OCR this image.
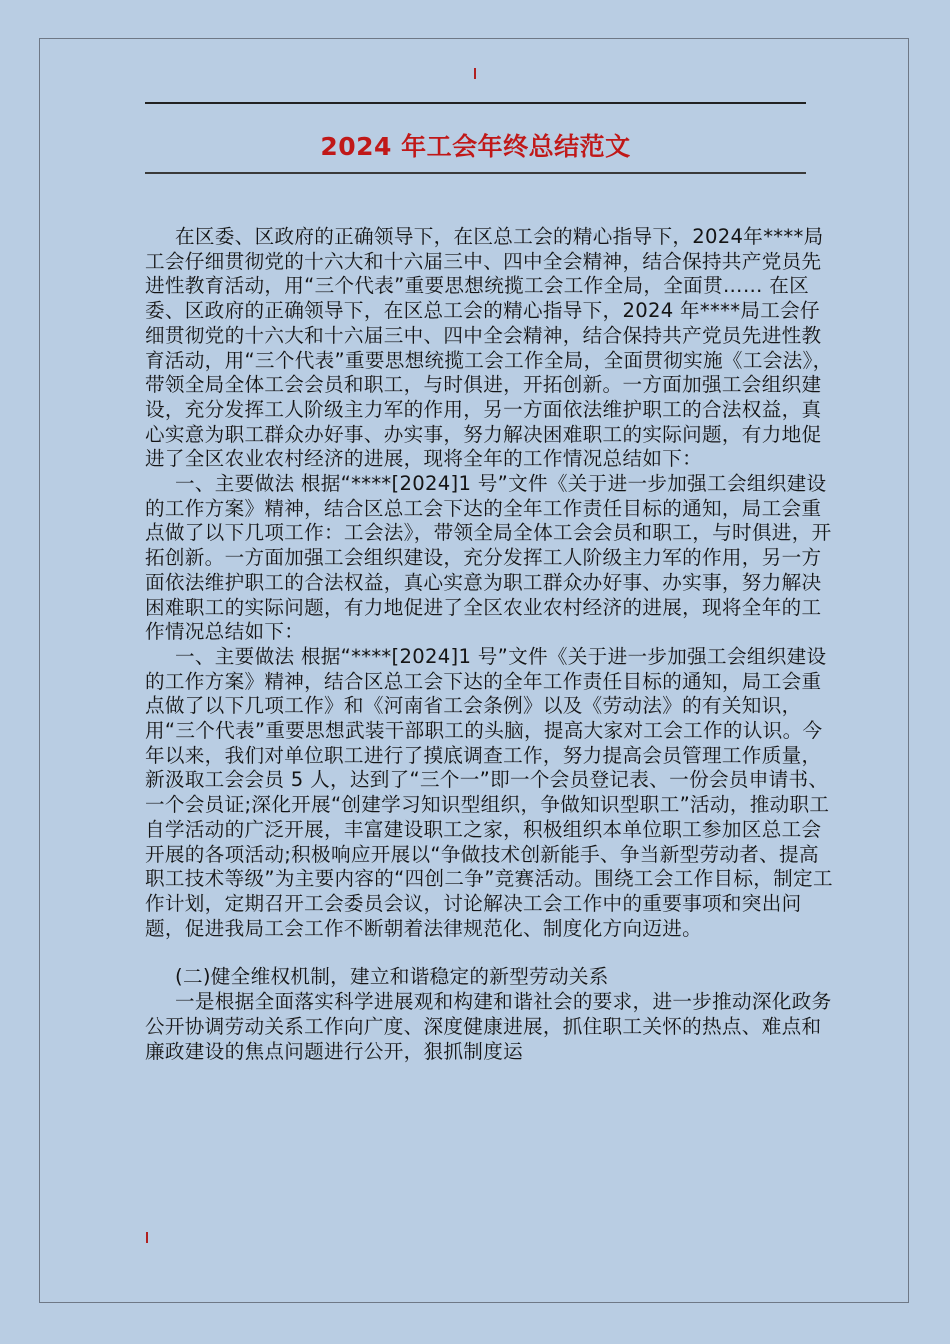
2024 年工会年终总结范文

在区委、区政府的正确领导下，在区总工会的精心指导下，2024年****局工会仔细贯彻党的十六大和十六届三中、四中全会精神，结合保持共产党员先进性教育活动，用“三个代表”重要思想统揽工会工作全局，全面贯…… 在区委、区政府的正确领导下，在区总工会的精心指导下，2024 年****局工会仔细贯彻党的十六大和十六届三中、四中全会精神，结合保持共产党员先进性教育活动，用“三个代表”重要思想统揽工会工作全局，全面贯彻实施《工会法》，带领全局全体工会会员和职工，与时俱进，开拓创新。一方面加强工会组织建设，充分发挥工人阶级主力军的作用，另一方面依法维护职工的合法权益，真心实意为职工群众办好事、办实事，努力解决困难职工的实际问题，有力地促进了全区农业农村经济的进展，现将全年的工作情况总结如下：

一、主要做法 根据“****[2024]1 号”文件《关于进一步加强工会组织建设的工作方案》精神，结合区总工会下达的全年工作责任目标的通知，局工会重点做了以下几项工作：工会法》，带领全局全体工会会员和职工，与时俱进，开拓创新。一方面加强工会组织建设，充分发挥工人阶级主力军的作用，另一方面依法维护职工的合法权益，真心实意为职工群众办好事、办实事，努力解决困难职工的实际问题，有力地促进了全区农业农村经济的进展，现将全年的工作情况总结如下：

一、主要做法 根据“****[2024]1 号”文件《关于进一步加强工会组织建设的工作方案》精神，结合区总工会下达的全年工作责任目标的通知，局工会重点做了以下几项工作》和《河南省工会条例》以及《劳动法》的有关知识，用“三个代表”重要思想武装干部职工的头脑，提高大家对工会工作的认识。今年以来，我们对单位职工进行了摸底调查工作，努力提高会员管理工作质量，新汲取工会会员 5 人，达到了“三个一”即一个会员登记表、一份会员申请书、一个会员证;深化开展“创建学习知识型组织，争做知识型职工”活动，推动职工自学活动的广泛开展，丰富建设职工之家，积极组织本单位职工参加区总工会开展的各项活动;积极响应开展以“争做技术创新能手、争当新型劳动者、提高职工技术等级”为主要内容的“四创二争”竞赛活动。围绕工会工作目标，制定工作计划，定期召开工会委员会议，讨论解决工会工作中的重要事项和突出问题，促进我局工会工作不断朝着法律规范化、制度化方向迈进。

(二)健全维权机制，建立和谐稳定的新型劳动关系

一是根据全面落实科学进展观和构建和谐社会的要求，进一步推动深化政务公开协调劳动关系工作向广度、深度健康进展，抓住职工关怀的热点、难点和廉政建设的焦点问题进行公开，狠抓制度运
